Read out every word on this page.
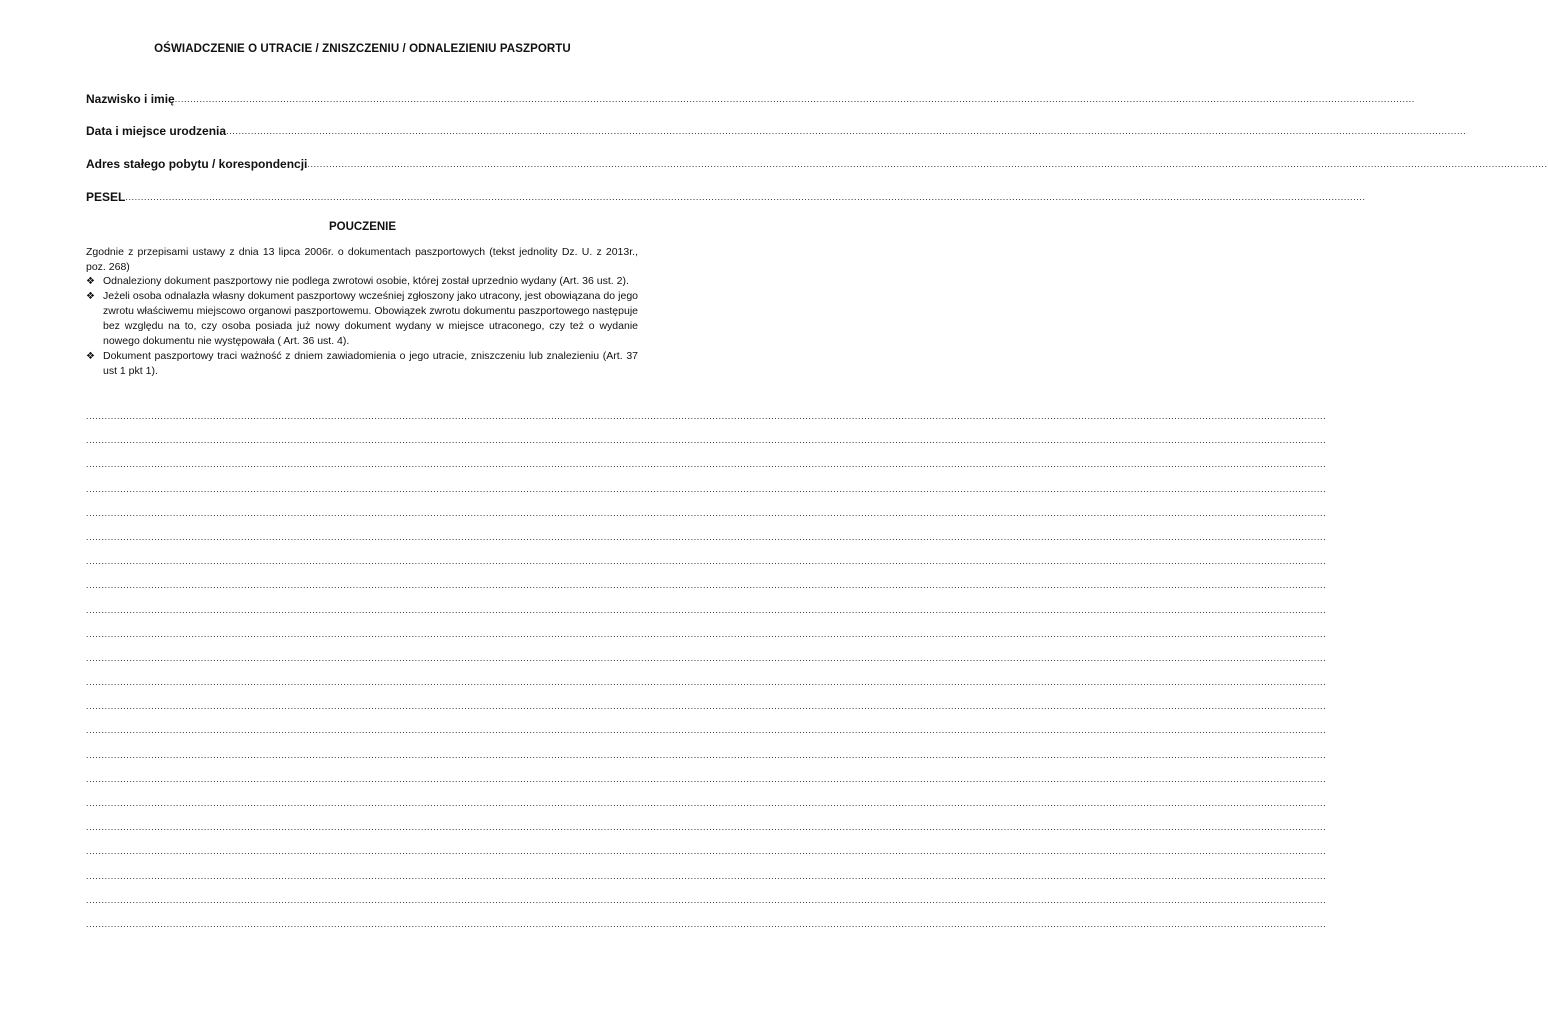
OŚWIADCZENIE O UTRACIE / ZNISZCZENIU / ODNALEZIENIU PASZPORTU
Nazwisko i imię ................................................................................................................................................................................................................................................................................................................................................................................................................
Data i miejsce urodzenia ................................................................................................................................................................................................................................................................................................................................................................................................................
Adres stałego pobytu / korespondencji ................................................................................................................................................................................................................................................................................................................................................................................................................
PESEL ................................................................................................................................................................................................................................................................................................................................................................................................................
POUCZENIE

Zgodnie z przepisami ustawy z dnia 13 lipca 2006r. o dokumentach paszportowych (tekst jednolity Dz. U. z 2013r., poz. 268)

❖ Odnaleziony dokument paszportowy nie podlega zwrotowi osobie, której został uprzednio wydany (Art. 36 ust. 2).
❖ Jeżeli osoba odnalazła własny dokument paszportowy wcześniej zgłoszony jako utracony, jest obowiązana do jego zwrotu właściwemu miejscowo organowi paszportowemu. Obowiązek zwrotu dokumentu paszportowego następuje bez względu na to, czy osoba posiada już nowy dokument wydany w miejsce utraconego, czy też o wydanie nowego dokumentu nie występowała ( Art. 36 ust. 4).
❖ Dokument paszportowy traci ważność z dniem zawiadomienia o jego utracie, zniszczeniu lub znalezieniu (Art. 37 ust 1 pkt 1).
................................................................................................................................................................................................................................................................................................................................................................................................................
................................................................................................................................................................................................................................................................................................................................................................................................................
................................................................................................................................................................................................................................................................................................................................................................................................................
................................................................................................................................................................................................................................................................................................................................................................................................................
................................................................................................................................................................................................................................................................................................................................................................................................................
................................................................................................................................................................................................................................................................................................................................................................................................................
................................................................................................................................................................................................................................................................................................................................................................................................................
................................................................................................................................................................................................................................................................................................................................................................................................................
................................................................................................................................................................................................................................................................................................................................................................................................................
................................................................................................................................................................................................................................................................................................................................................................................................................
................................................................................................................................................................................................................................................................................................................................................................................................................
................................................................................................................................................................................................................................................................................................................................................................................................................
................................................................................................................................................................................................................................................................................................................................................................................................................
................................................................................................................................................................................................................................................................................................................................................................................................................
................................................................................................................................................................................................................................................................................................................................................................................................................
................................................................................................................................................................................................................................................................................................................................................................................................................
................................................................................................................................................................................................................................................................................................................................................................................................................
................................................................................................................................................................................................................................................................................................................................................................................................................
................................................................................................................................................................................................................................................................................................................................................................................................................
................................................................................................................................................................................................................................................................................................................................................................................................................
................................................................................................................................................................................................................................................................................................................................................................................................................
................................................................................................................................................................................................................................................................................................................................................................................................................
